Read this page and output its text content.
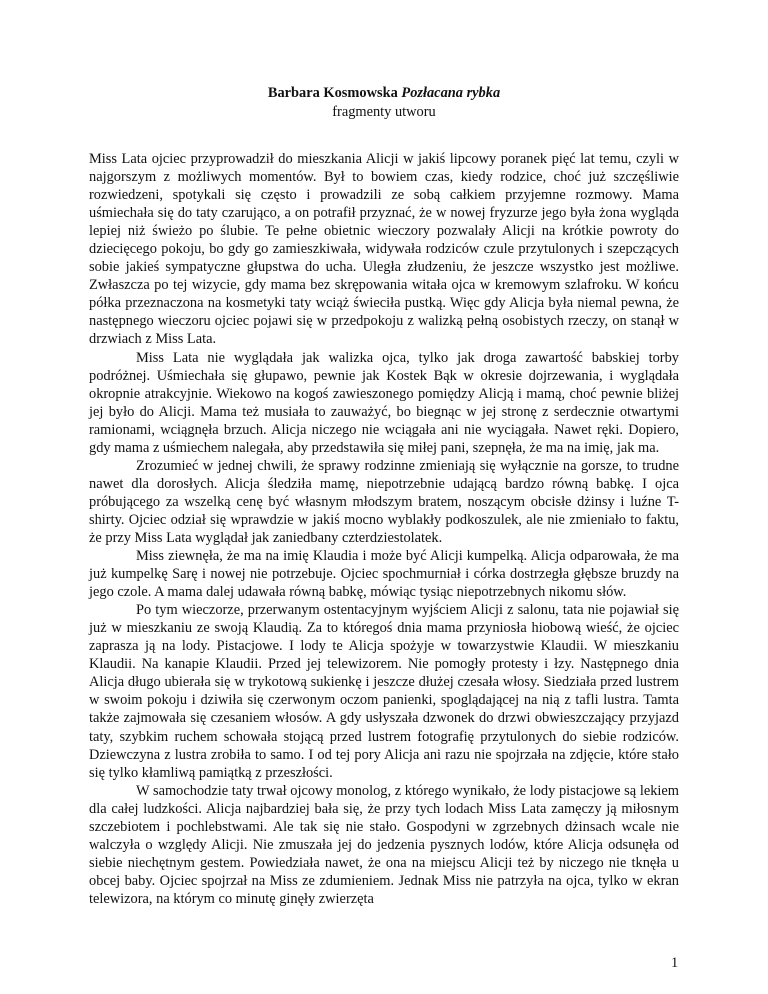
Barbara Kosmowska Pozłacana rybka
fragmenty utworu

Miss Lata ojciec przyprowadził do mieszkania Alicji w jakiś lipcowy poranek pięć lat temu, czyli w najgorszym z możliwych momentów. Był to bowiem czas, kiedy rodzice, choć już szczęśliwie rozwiedzeni, spotykali się często i prowadzili ze sobą całkiem przyjemne rozmowy. Mama uśmiechała się do taty czarująco, a on potrafił przyznać, że w nowej fryzurze jego była żona wygląda lepiej niż świeżo po ślubie. Te pełne obietnic wieczory pozwalały Alicji na krótkie powroty do dziecięcego pokoju, bo gdy go zamieszkiwała, widywała rodziców czule przytulonych i szepczących sobie jakieś sympatyczne głupstwa do ucha. Uległa złudzeniu, że jeszcze wszystko jest możliwe. Zwłaszcza po tej wizycie, gdy mama bez skrępowania witała ojca w kremowym szlafroku. W końcu półka przeznaczona na kosmetyki taty wciąż świeciła pustką. Więc gdy Alicja była niemal pewna, że następnego wieczoru ojciec pojawi się w przedpokoju z walizką pełną osobistych rzeczy, on stanął w drzwiach z Miss Lata.

Miss Lata nie wyglądała jak walizka ojca, tylko jak droga zawartość babskiej torby podróżnej. Uśmiechała się głupawo, pewnie jak Kostek Bąk w okresie dojrzewania, i wyglądała okropnie atrakcyjnie. Wiekowo na kogoś zawieszonego pomiędzy Alicją i mamą, choć pewnie bliżej jej było do Alicji. Mama też musiała to zauważyć, bo biegnąc w jej stronę z serdecznie otwartymi ramionami, wciągnęła brzuch. Alicja niczego nie wciągała ani nie wyciągała. Nawet ręki. Dopiero, gdy mama z uśmiechem nalegała, aby przedstawiła się miłej pani, szepnęła, że ma na imię, jak ma.

Zrozumieć w jednej chwili, że sprawy rodzinne zmieniają się wyłącznie na gorsze, to trudne nawet dla dorosłych. Alicja śledziła mamę, niepotrzebnie udającą bardzo równą babkę. I ojca próbującego za wszelką cenę być własnym młodszym bratem, noszącym obcisłe dżinsy i luźne T-shirty. Ojciec odział się wprawdzie w jakiś mocno wyblakły podkoszulek, ale nie zmieniało to faktu, że przy Miss Lata wyglądał jak zaniedbany czterdziestolatek.

Miss ziewnęła, że ma na imię Klaudia i może być Alicji kumpelką. Alicja odparowała, że ma już kumpelkę Sarę i nowej nie potrzebuje. Ojciec spochmurniał i córka dostrzegła głębsze bruzdy na jego czole. A mama dalej udawała równą babkę, mówiąc tysiąc niepotrzebnych nikomu słów.

Po tym wieczorze, przerwanym ostentacyjnym wyjściem Alicji z salonu, tata nie pojawiał się już w mieszkaniu ze swoją Klaudią. Za to któregoś dnia mama przyniosła hiobową wieść, że ojciec zaprasza ją na lody. Pistacjowe. I lody te Alicja spożyje w towarzystwie Klaudii. W mieszkaniu Klaudii. Na kanapie Klaudii. Przed jej telewizorem. Nie pomogły protesty i łzy. Następnego dnia Alicja długo ubierała się w trykotową sukienkę i jeszcze dłużej czesała włosy. Siedziała przed lustrem w swoim pokoju i dziwiła się czerwonym oczom panienki, spoglądającej na nią z tafli lustra. Tamta także zajmowała się czesaniem włosów. A gdy usłyszała dzwonek do drzwi obwieszczający przyjazd taty, szybkim ruchem schowała stojącą przed lustrem fotografię przytulonych do siebie rodziców. Dziewczyna z lustra zrobiła to samo. I od tej pory Alicja ani razu nie spojrzała na zdjęcie, które stało się tylko kłamliwą pamiątką z przeszłości.

W samochodzie taty trwał ojcowy monolog, z którego wynikało, że lody pistacjowe są lekiem dla całej ludzkości. Alicja najbardziej bała się, że przy tych lodach Miss Lata zamęczy ją miłosnym szczebiotem i pochlebstwami. Ale tak się nie stało. Gospodyni w zgrzebnych dżinsach wcale nie walczyła o względy Alicji. Nie zmuszała jej do jedzenia pysznych lodów, które Alicja odsunęła od siebie niechętnym gestem. Powiedziała nawet, że ona na miejscu Alicji też by niczego nie tknęła u obcej baby. Ojciec spojrzał na Miss ze zdumieniem. Jednak Miss nie patrzyła na ojca, tylko w ekran telewizora, na którym co minutę ginęły zwierzęta

1
